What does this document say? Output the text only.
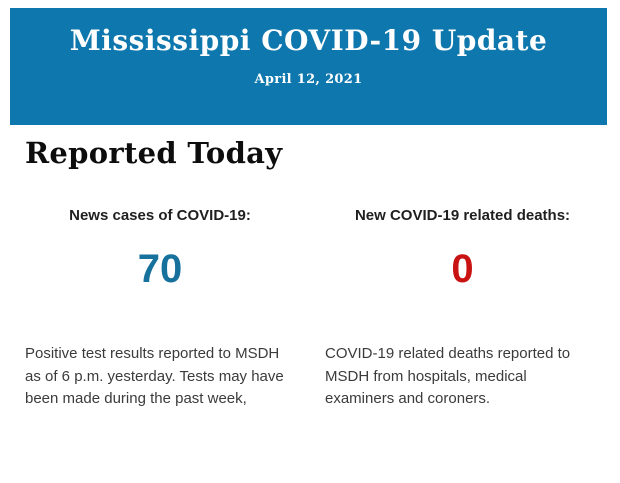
Mississippi COVID-19 Update

April 12, 2021

Reported Today
News cases of COVID-19:
70
Positive test results reported to MSDH as of 6 p.m. yesterday. Tests may have been made during the past week,
New COVID-19 related deaths:
0
COVID-19 related deaths reported to MSDH from hospitals, medical examiners and coroners.
